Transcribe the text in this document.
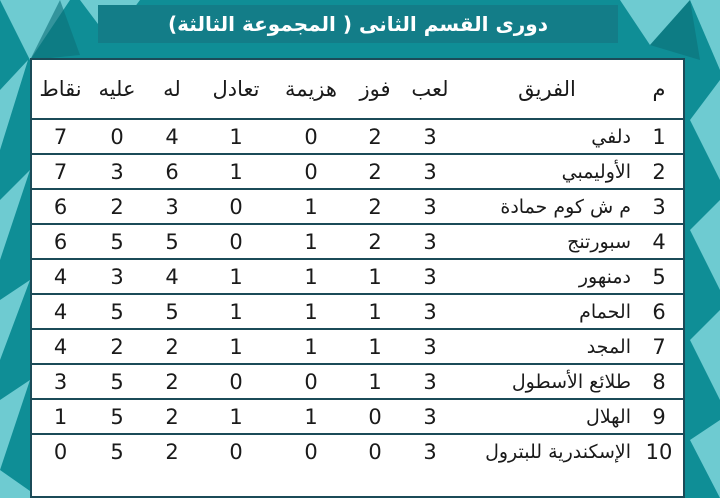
دورى القسم الثانى ( المجموعة الثالثة)
م	الفريق	لعب	فوز	هزيمة	تعادل	له	عليه	نقاط
1	دلفي	3	2	0	1	4	0	7
2	الأوليمبي	3	2	0	1	6	3	7
3	م ش كوم حمادة	3	2	1	0	3	2	6
4	سبورتنج	3	2	1	0	5	5	6
5	دمنهور	3	1	1	1	4	3	4
6	الحمام	3	1	1	1	5	5	4
7	المجد	3	1	1	1	2	2	4
8	طلائع الأسطول	3	1	0	0	2	5	3
9	الهلال	3	0	1	1	2	5	1
10	الإسكندرية للبترول	3	0	0	0	2	5	0
